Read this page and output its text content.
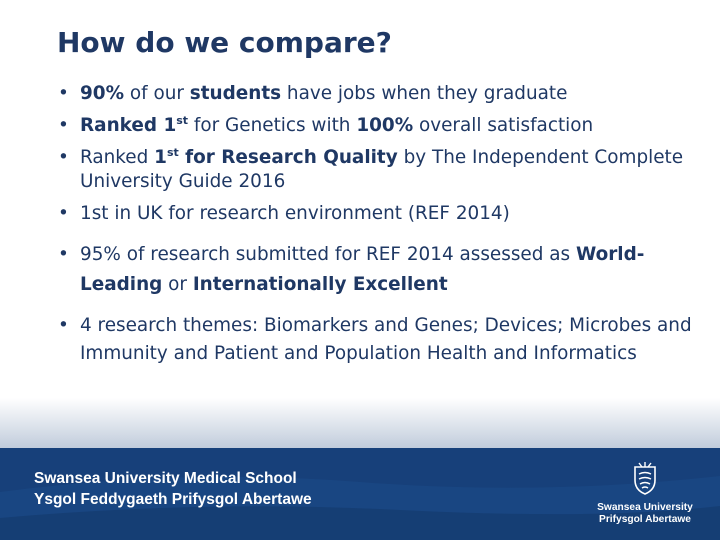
How do we compare?
• 90% of our students have jobs when they graduate
• Ranked 1st for Genetics with 100% overall satisfaction
• Ranked 1st for Research Quality by The Independent Complete University Guide 2016
• 1st in UK for research environment (REF 2014)
• 95% of research submitted for REF 2014 assessed as World-Leading or Internationally Excellent
• 4 research themes: Biomarkers and Genes; Devices; Microbes and Immunity and Patient and Population Health and Informatics
Swansea University Medical School
Ysgol Feddygaeth Prifysgol Abertawe	Swansea University
Prifysgol Abertawe
